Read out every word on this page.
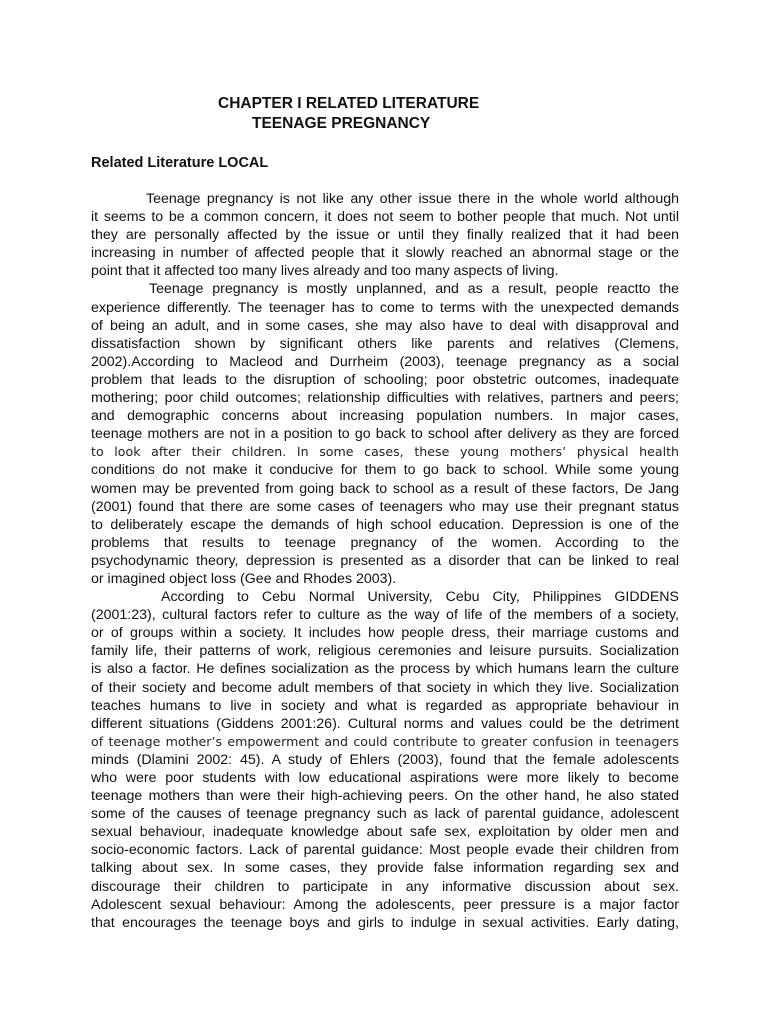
CHAPTER I RELATED LITERATURE
TEENAGE PREGNANCY
Related Literature LOCAL
Teenage pregnancy is not like any other issue there in the whole world although
it seems to be a common concern, it does not seem to bother people that much. Not until
they are personally affected by the issue or until they finally realized that it had been
increasing in number of affected people that it slowly reached an abnormal stage or the
point that it affected too many lives already and too many aspects of living.
Teenage pregnancy is mostly unplanned, and as a result, people reactto the
experience differently. The teenager has to come to terms with the unexpected demands
of being an adult, and in some cases, she may also have to deal with disapproval and
dissatisfaction shown by significant others like parents and relatives (Clemens,
2002).According to Macleod and Durrheim (2003), teenage pregnancy as a social
problem that leads to the disruption of schooling; poor obstetric outcomes, inadequate
mothering; poor child outcomes; relationship difficulties with relatives, partners and peers;
and demographic concerns about increasing population numbers. In major cases,
teenage mothers are not in a position to go back to school after delivery as they are forced
to look after their children. In some cases, these young mothers’ physical health
conditions do not make it conducive for them to go back to school. While some young
women may be prevented from going back to school as a result of these factors, De Jang
(2001) found that there are some cases of teenagers who may use their pregnant status
to deliberately escape the demands of high school education. Depression is one of the
problems that results to teenage pregnancy of the women. According to the
psychodynamic theory, depression is presented as a disorder that can be linked to real
or imagined object loss (Gee and Rhodes 2003).
According to Cebu Normal University, Cebu City, Philippines GIDDENS
(2001:23), cultural factors refer to culture as the way of life of the members of a society,
or of groups within a society. It includes how people dress, their marriage customs and
family life, their patterns of work, religious ceremonies and leisure pursuits. Socialization
is also a factor. He defines socialization as the process by which humans learn the culture
of their society and become adult members of that society in which they live. Socialization
teaches humans to live in society and what is regarded as appropriate behaviour in
different situations (Giddens 2001:26). Cultural norms and values could be the detriment
of teenage mother’s empowerment and could contribute to greater confusion in teenagers
minds (Dlamini 2002: 45). A study of Ehlers (2003), found that the female adolescents
who were poor students with low educational aspirations were more likely to become
teenage mothers than were their high-achieving peers. On the other hand, he also stated
some of the causes of teenage pregnancy such as lack of parental guidance, adolescent
sexual behaviour, inadequate knowledge about safe sex, exploitation by older men and
socio-economic factors. Lack of parental guidance: Most people evade their children from
talking about sex. In some cases, they provide false information regarding sex and
discourage their children to participate in any informative discussion about sex.
Adolescent sexual behaviour: Among the adolescents, peer pressure is a major factor
that encourages the teenage boys and girls to indulge in sexual activities. Early dating,
